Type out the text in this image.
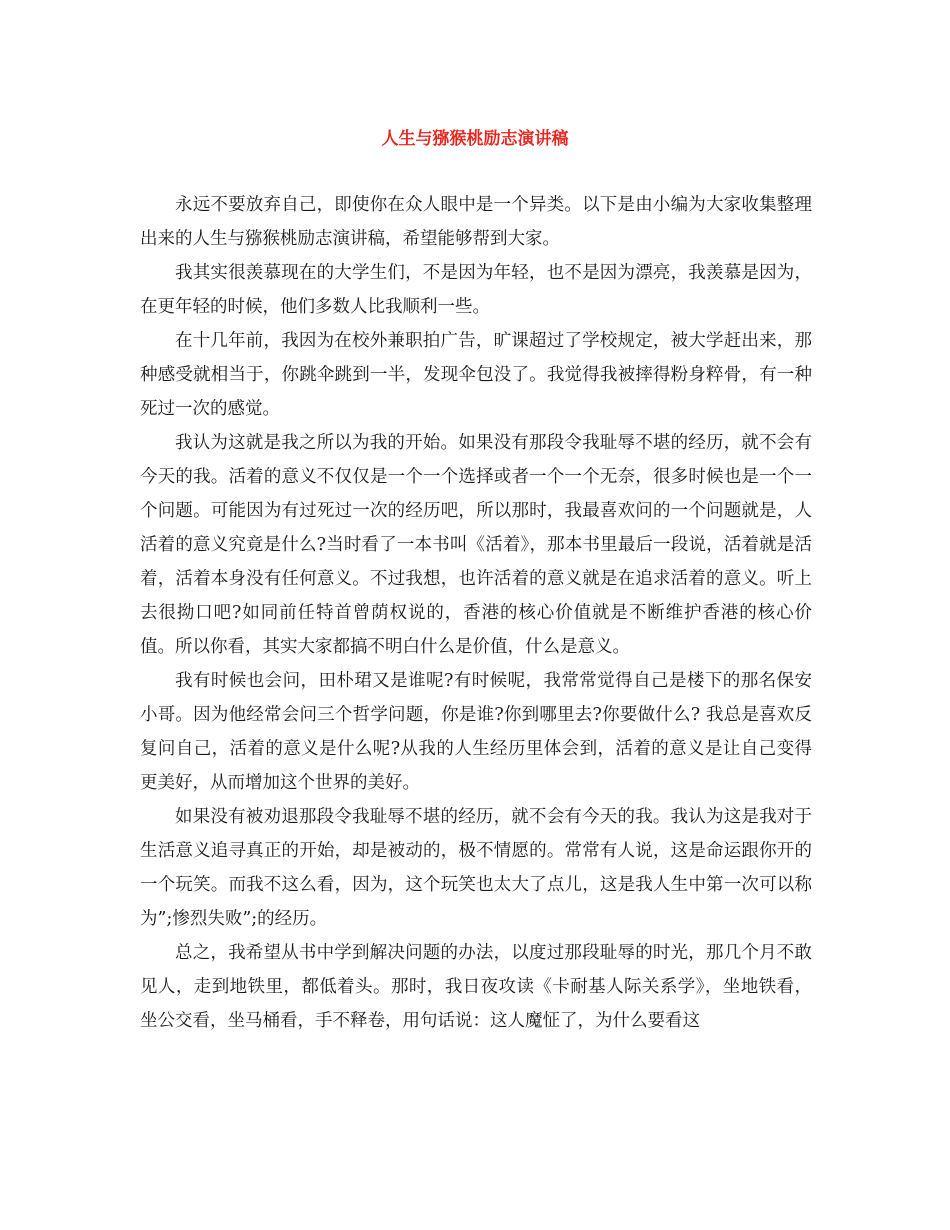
人生与猕猴桃励志演讲稿

永远不要放弃自己，即使你在众人眼中是一个异类。以下是由小编为大家收集整理出来的人生与猕猴桃励志演讲稿，希望能够帮到大家。

我其实很羡慕现在的大学生们，不是因为年轻，也不是因为漂亮，我羡慕是因为，在更年轻的时候，他们多数人比我顺利一些。

在十几年前，我因为在校外兼职拍广告，旷课超过了学校规定，被大学赶出来，那种感受就相当于，你跳伞跳到一半，发现伞包没了。我觉得我被摔得粉身粹骨，有一种死过一次的感觉。

我认为这就是我之所以为我的开始。如果没有那段令我耻辱不堪的经历，就不会有今天的我。活着的意义不仅仅是一个一个选择或者一个一个无奈，很多时候也是一个一个问题。可能因为有过死过一次的经历吧，所以那时，我最喜欢问的一个问题就是，人活着的意义究竟是什么?当时看了一本书叫《活着》，那本书里最后一段说，活着就是活着，活着本身没有任何意义。不过我想，也许活着的意义就是在追求活着的意义。听上去很拗口吧?如同前任特首曾荫权说的，香港的核心价值就是不断维护香港的核心价值。所以你看，其实大家都搞不明白什么是价值，什么是意义。

我有时候也会问，田朴珺又是谁呢?有时候呢，我常常觉得自己是楼下的那名保安小哥。因为他经常会问三个哲学问题，你是谁?你到哪里去?你要做什么? 我总是喜欢反复问自己，活着的意义是什么呢?从我的人生经历里体会到，活着的意义是让自己变得更美好，从而增加这个世界的美好。

如果没有被劝退那段令我耻辱不堪的经历，就不会有今天的我。我认为这是我对于生活意义追寻真正的开始，却是被动的，极不情愿的。常常有人说，这是命运跟你开的一个玩笑。而我不这么看，因为，这个玩笑也太大了点儿，这是我人生中第一次可以称为”;惨烈失败”;的经历。

总之，我希望从书中学到解决问题的办法，以度过那段耻辱的时光，那几个月不敢见人，走到地铁里，都低着头。那时，我日夜攻读《卡耐基人际关系学》，坐地铁看，坐公交看，坐马桶看，手不释卷，用句话说：这人魔怔了，为什么要看这
